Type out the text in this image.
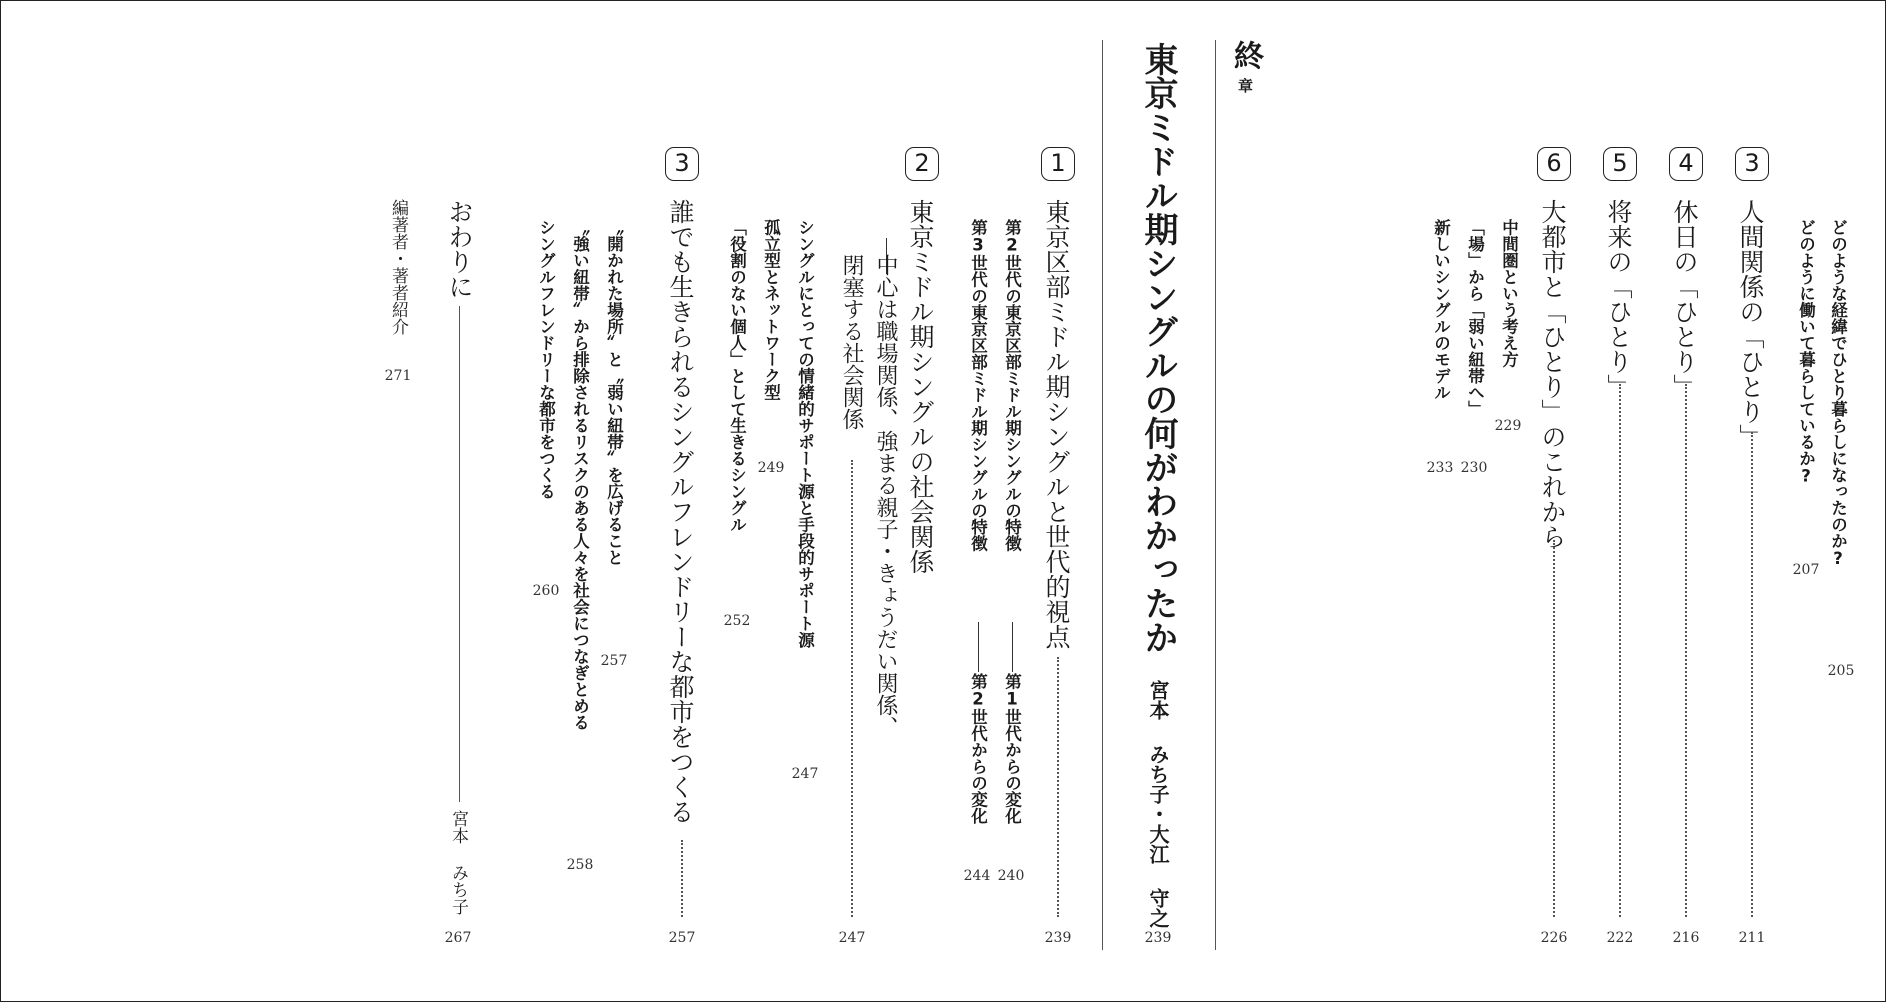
どのような経緯でひとり暮らしになったのか?
205
どのように働いて暮らしているか?
207
3
人間関係の「ひとり」
211
4
休日の「ひとり」
216
5
将来の「ひとり」
222
6
大都市と「ひとり」のこれから
226
中間圏という考え方
229
「場」から「弱い紐帯へ」
230
新しいシングルのモデル
233
終
章
東京ミドル期シングルの何がわかったか
宮本 みち子・大江 守之
239
1
東京区部ミドル期シングルと世代的視点
239
第2世代の東京区部ミドル期シングルの特徴
第1世代からの変化
240
第3世代の東京区部ミドル期シングルの特徴
第2世代からの変化
244
2
東京ミドル期シングルの社会関係
中心は職場関係、強まる親子・きょうだい関係、
閉塞する社会関係
247
シングルにとっての情緒的サポート源と手段的サポート源
247
孤立型とネットワーク型
249
「役割のない個人」として生きるシングル
252
3
誰でも生きられるシングルフレンドリーな都市をつくる
257
〝開かれた場所〟と〝弱い紐帯〟を広げること
257
〝強い紐帯〟から排除されるリスクのある人々を社会につなぎとめる
258
シングルフレンドリーな都市をつくる
260
おわりに
宮本 みち子
267
編著者・著者紹介
271
